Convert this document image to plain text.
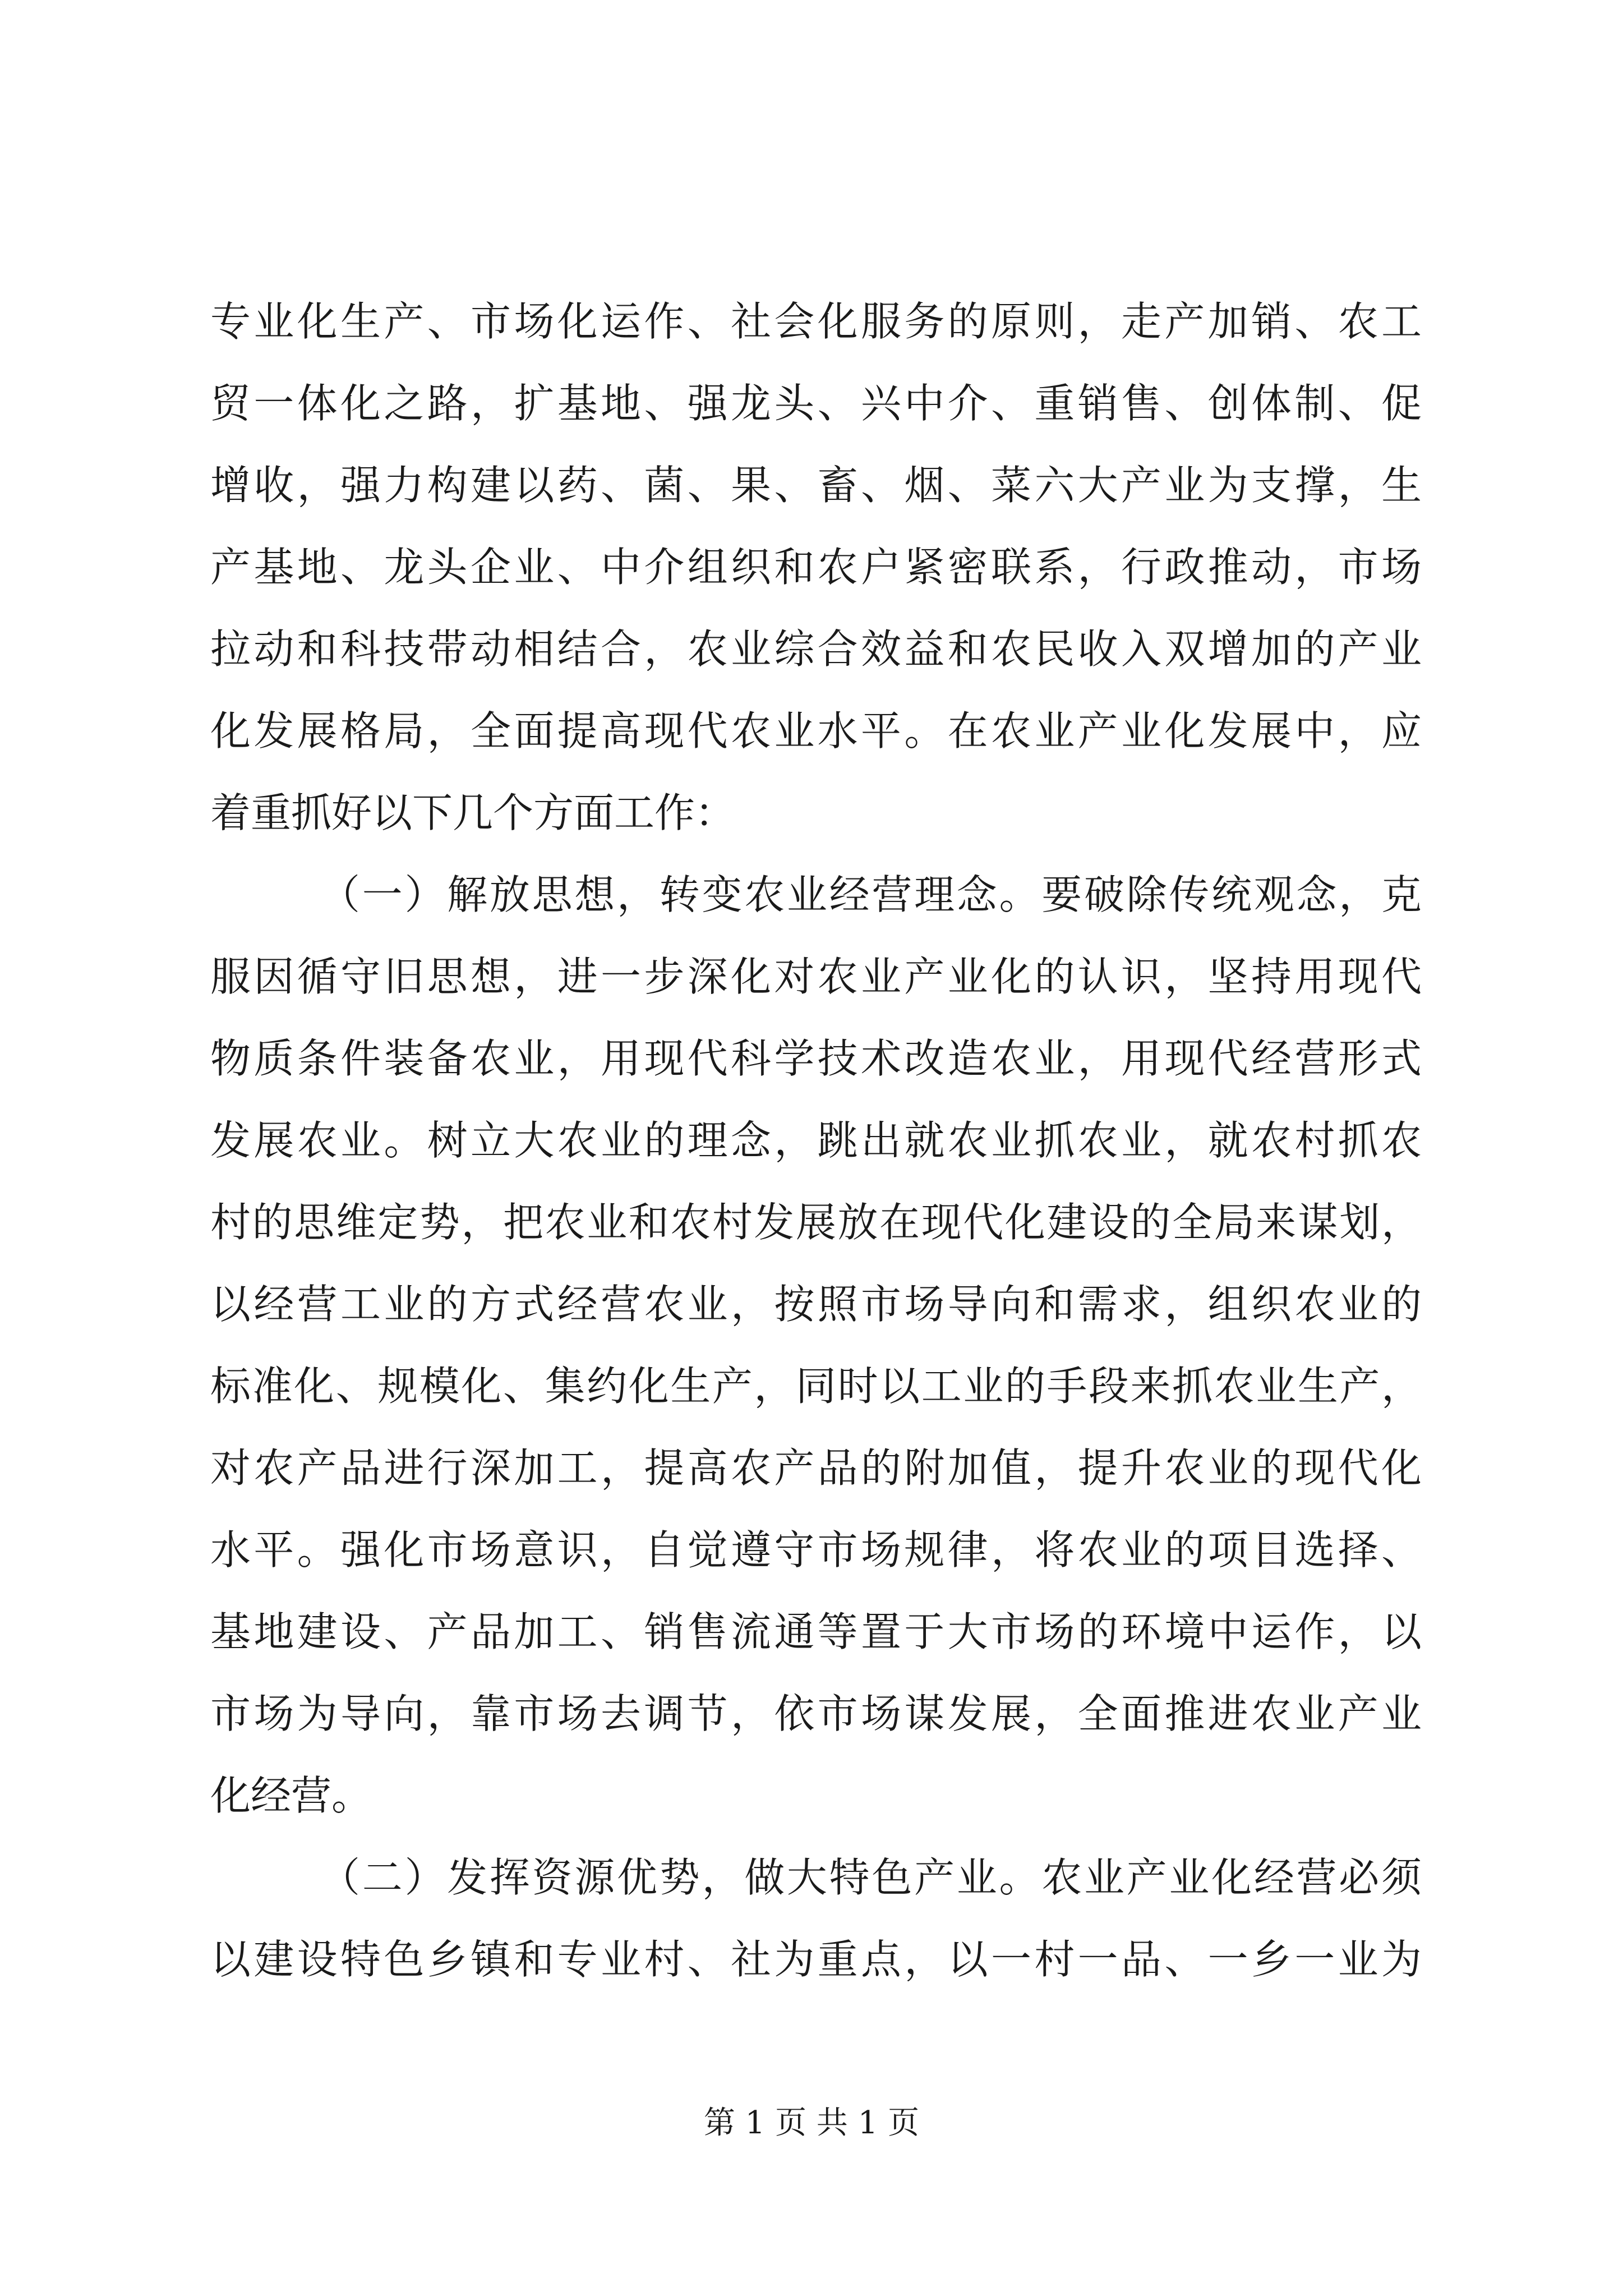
专业化生产、市场化运作、社会化服务的原则，走产加销、农工
贸一体化之路，扩基地、强龙头、兴中介、重销售、创体制、促
增收，强力构建以药、菌、果、畜、烟、菜六大产业为支撑，生
产基地、龙头企业、中介组织和农户紧密联系，行政推动，市场
拉动和科技带动相结合，农业综合效益和农民收入双增加的产业
化发展格局，全面提高现代农业水平。在农业产业化发展中，应
着重抓好以下几个方面工作：
（一）解放思想，转变农业经营理念。要破除传统观念，克
服因循守旧思想，进一步深化对农业产业化的认识，坚持用现代
物质条件装备农业，用现代科学技术改造农业，用现代经营形式
发展农业。树立大农业的理念，跳出就农业抓农业，就农村抓农
村的思维定势，把农业和农村发展放在现代化建设的全局来谋划，
以经营工业的方式经营农业，按照市场导向和需求，组织农业的
标准化、规模化、集约化生产，同时以工业的手段来抓农业生产，
对农产品进行深加工，提高农产品的附加值，提升农业的现代化
水平。强化市场意识，自觉遵守市场规律，将农业的项目选择、
基地建设、产品加工、销售流通等置于大市场的环境中运作，以
市场为导向，靠市场去调节，依市场谋发展，全面推进农业产业
化经营。
（二）发挥资源优势，做大特色产业。农业产业化经营必须
以建设特色乡镇和专业村、社为重点，以一村一品、一乡一业为
第 1 页 共 1 页
